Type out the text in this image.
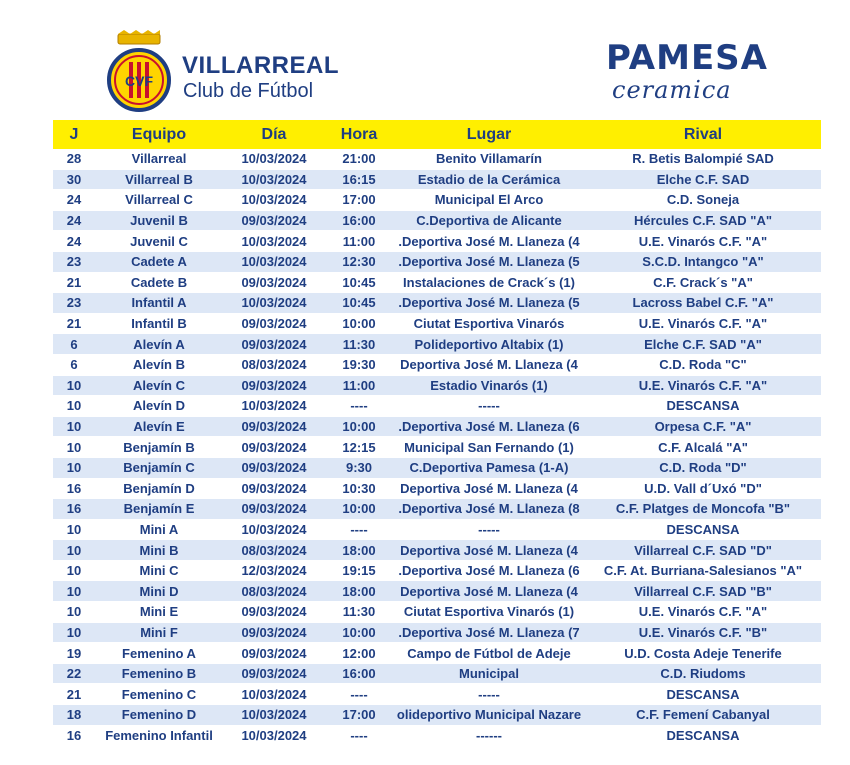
CVF
VILLARREAL
Club de Fútbol
PAMESA
ceramica
J	Equipo	Día	Hora	Lugar	Rival
28	Villarreal	10/03/2024	21:00	Benito Villamarín	R. Betis Balompié SAD
30	Villarreal B	10/03/2024	16:15	Estadio de la Cerámica	Elche C.F. SAD
24	Villarreal C	10/03/2024	17:00	Municipal El Arco	C.D. Soneja
24	Juvenil B	09/03/2024	16:00	C.Deportiva de Alicante	Hércules C.F. SAD "A"
24	Juvenil C	10/03/2024	11:00	.Deportiva José M. Llaneza (4	U.E. Vinarós C.F. "A"
23	Cadete A	10/03/2024	12:30	.Deportiva José M. Llaneza (5	S.C.D. Intangco "A"
21	Cadete B	09/03/2024	10:45	Instalaciones de Crack´s (1)	C.F. Crack´s "A"
23	Infantil A	10/03/2024	10:45	.Deportiva José M. Llaneza (5	Lacross Babel C.F. "A"
21	Infantil B	09/03/2024	10:00	Ciutat Esportiva Vinarós	U.E. Vinarós C.F. "A"
6	Alevín A	09/03/2024	11:30	Polideportivo Altabix (1)	Elche C.F. SAD "A"
6	Alevín B	08/03/2024	19:30	Deportiva José M. Llaneza (4	C.D. Roda "C"
10	Alevín C	09/03/2024	11:00	Estadio Vinarós (1)	U.E. Vinarós C.F. "A"
10	Alevín D	10/03/2024	----	-----	DESCANSA
10	Alevín E	09/03/2024	10:00	.Deportiva José M. Llaneza (6	Orpesa C.F. "A"
10	Benjamín B	09/03/2024	12:15	Municipal San Fernando (1)	C.F. Alcalá "A"
10	Benjamín C	09/03/2024	9:30	C.Deportiva Pamesa (1-A)	C.D. Roda "D"
16	Benjamín D	09/03/2024	10:30	Deportiva José M. Llaneza (4	U.D. Vall d´Uxó "D"
16	Benjamín E	09/03/2024	10:00	.Deportiva José M. Llaneza (8	C.F. Platges de Moncofa "B"
10	Mini A	10/03/2024	----	-----	DESCANSA
10	Mini B	08/03/2024	18:00	Deportiva José M. Llaneza (4	Villarreal C.F. SAD "D"
10	Mini C	12/03/2024	19:15	.Deportiva José M. Llaneza (6	C.F. At. Burriana-Salesianos "A"
10	Mini D	08/03/2024	18:00	Deportiva José M. Llaneza (4	Villarreal C.F. SAD "B"
10	Mini E	09/03/2024	11:30	Ciutat Esportiva Vinarós (1)	U.E. Vinarós C.F. "A"
10	Mini F	09/03/2024	10:00	.Deportiva José M. Llaneza (7	U.E. Vinarós C.F. "B"
19	Femenino A	09/03/2024	12:00	Campo de Fútbol de Adeje	U.D. Costa Adeje Tenerife
22	Femenino B	09/03/2024	16:00	Municipal	C.D. Riudoms
21	Femenino C	10/03/2024	----	-----	DESCANSA
18	Femenino D	10/03/2024	17:00	olideportivo Municipal Nazare	C.F. Femení Cabanyal
16	Femenino Infantil	10/03/2024	----	------	DESCANSA
